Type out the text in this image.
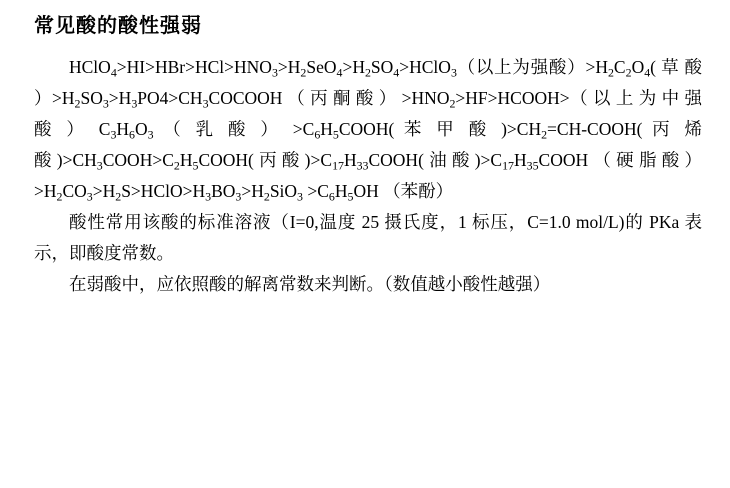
常见酸的酸性强弱

$HClO_4>HI>HBr>HCl>HNO_3>H_2SeO_4>H_2SO_4>HClO_3$（以上为强酸）$>H_2C_2O_4$( 草 酸 ）$>H_2SO_3>H_3PO4>CH_3COCOOH$ （ 丙 酮 酸 ） $>HNO_2>HF>HCOOH>$（ 以 上 为 中 强 酸 ） $C_3H_6O_3$ （ 乳 酸 ） $>C_6H_5COOH$( 苯 甲 酸 )$>CH_2=CH-COOH$( 丙 烯 酸)$>CH_3COOH>C_2H_5COOH$(丙酸)$>C_{17}H_{33}COOH$(油酸)$>C_{17}H_{35}COOH$（硬脂酸）$>H_2CO_3>H_2S>HClO>H_3BO_3>H_2SiO_3 >C_6H_5OH$ （苯酚）

酸性常用该酸的标准溶液（I=0,温度 25 摄氏度，1 标压，C=1.0 mol/L)的 PKa 表示，即酸度常数。

在弱酸中，应依照酸的解离常数来判断。（数值越小酸性越强）
